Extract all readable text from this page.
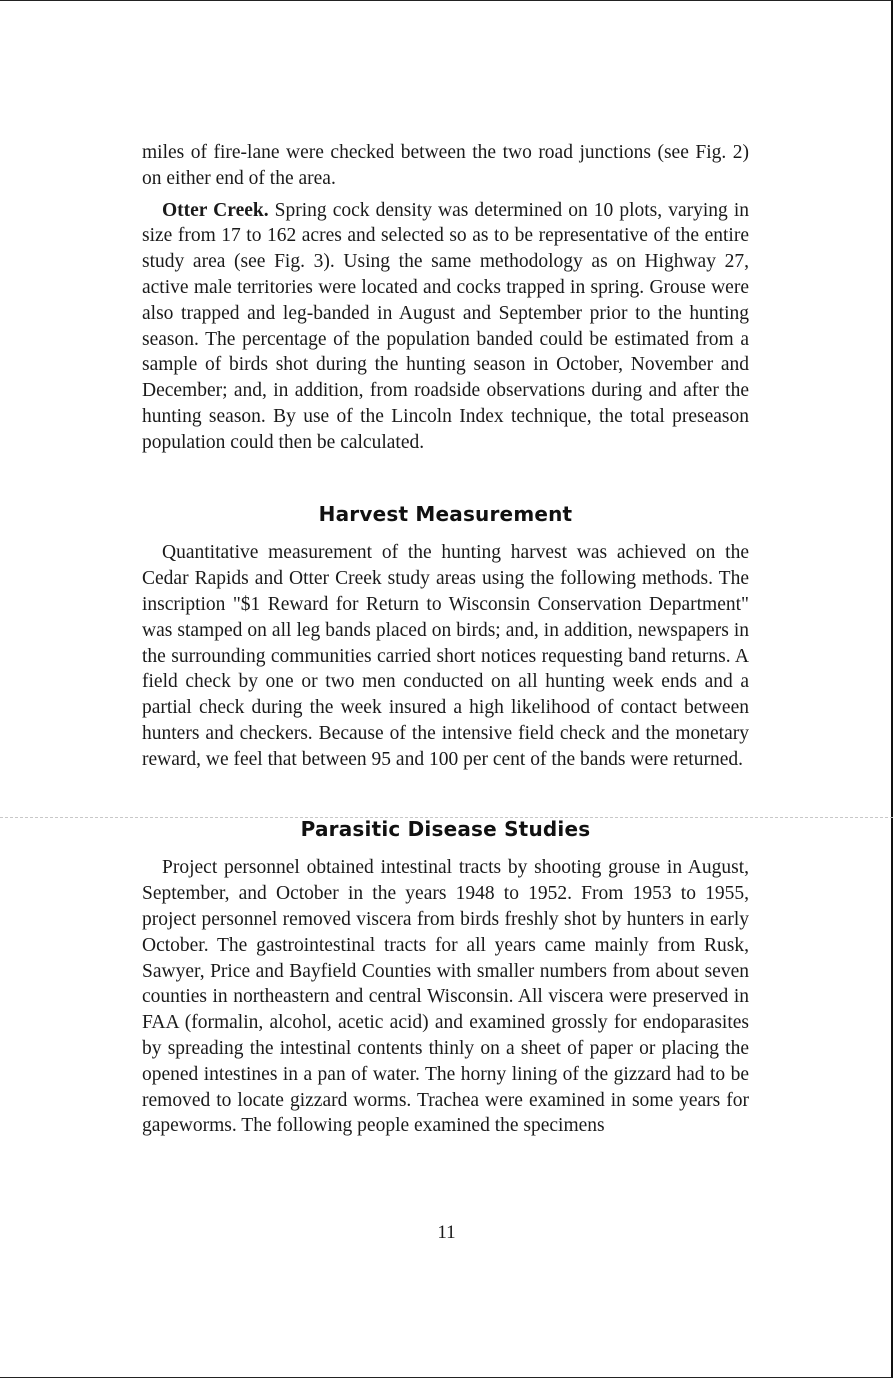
miles of fire-lane were checked between the two road junctions (see Fig. 2) on either end of the area.

Otter Creek. Spring cock density was determined on 10 plots, varying in size from 17 to 162 acres and selected so as to be representative of the entire study area (see Fig. 3). Using the same methodology as on Highway 27, active male territories were located and cocks trapped in spring. Grouse were also trapped and leg-banded in August and September prior to the hunting season. The percentage of the population banded could be estimated from a sample of birds shot during the hunting season in October, November and December; and, in addition, from roadside observations during and after the hunting season. By use of the Lincoln Index technique, the total preseason population could then be calculated.

Harvest Measurement

Quantitative measurement of the hunting harvest was achieved on the Cedar Rapids and Otter Creek study areas using the following methods. The inscription "$1 Reward for Return to Wisconsin Conservation Department" was stamped on all leg bands placed on birds; and, in addition, newspapers in the surrounding communities carried short notices requesting band returns. A field check by one or two men conducted on all hunting week ends and a partial check during the week insured a high likelihood of contact between hunters and checkers. Because of the intensive field check and the monetary reward, we feel that between 95 and 100 per cent of the bands were returned.

Parasitic Disease Studies

Project personnel obtained intestinal tracts by shooting grouse in August, September, and October in the years 1948 to 1952. From 1953 to 1955, project personnel removed viscera from birds freshly shot by hunters in early October. The gastrointestinal tracts for all years came mainly from Rusk, Sawyer, Price and Bayfield Counties with smaller numbers from about seven counties in northeastern and central Wisconsin. All viscera were preserved in FAA (formalin, alcohol, acetic acid) and examined grossly for endoparasites by spreading the intestinal contents thinly on a sheet of paper or placing the opened intestines in a pan of water. The horny lining of the gizzard had to be removed to locate gizzard worms. Trachea were examined in some years for gapeworms. The following people examined the specimens

11
